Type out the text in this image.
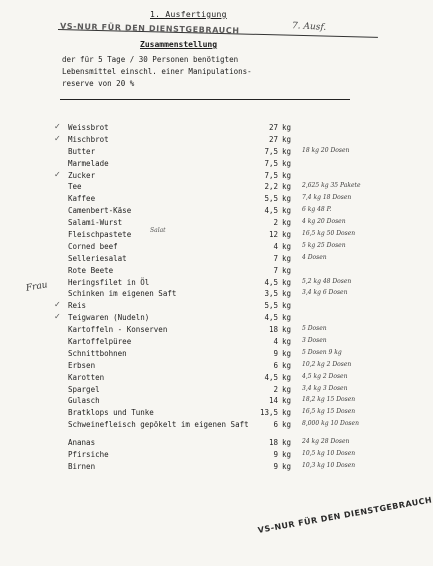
1. Ausfertigung
VS-NUR FÜR DEN DIENSTGEBRAUCH	7. Ausf.
Zusammenstellung
der für 5 Tage / 30 Personen benötigten
Lebensmittel einschl. einer Manipulations-
reserve von 20 %
Weissbrot	27	kg	
Mischbrot	27	kg	
Butter	7,5	kg	18 kg 20 Dosen
Marmelade	7,5	kg	
Zucker	7,5	kg	
Tee	2,2	kg	2,625 kg 35 Pakete
Kaffee	5,5	kg	7,4 kg 18 Dosen
Camenbert-Käse	4,5	kg	6 kg 48 P.
Salami-Wurst	2	kg	4 kg 20 Dosen
Fleischpastete	12	kg	16,5 kg 50 Dosen
Corned beef	4	kg	5 kg 25 Dosen
Selleriesalat	7	kg	4 Dosen
Rote Beete	7	kg	
Heringsfilet in Öl	4,5	kg	5,2 kg 48 Dosen
Schinken im eigenen Saft	3,5	kg	3,4 kg 6 Dosen
Reis	5,5	kg	
Teigwaren (Nudeln)	4,5	kg	
Kartoffeln - Konserven	18	kg	5 Dosen
Kartoffelpüree	4	kg	3 Dosen
Schnittbohnen	9	kg	5 Dosen 9 kg
Erbsen	6	kg	10,2 kg 2 Dosen
Karotten	4,5	kg	4,5 kg 2 Dosen
Spargel	2	kg	3,4 kg 3 Dosen
Gulasch	14	kg	18,2 kg 15 Dosen
Bratklops und Tunke	13,5	kg	16,5 kg 15 Dosen
Schweinefleisch gepökelt im eigenen Saft	6	kg	8,000 kg 10 Dosen
Ananas	18	kg	24 kg 28 Dosen
Pfirsiche	9	kg	10,5 kg 10 Dosen
Birnen	9	kg	10,3 kg 10 Dosen
Frau
Salat
VS-NUR FÜR DEN DIENSTGEBRAUCH
✓
✓
✓
✓
✓
